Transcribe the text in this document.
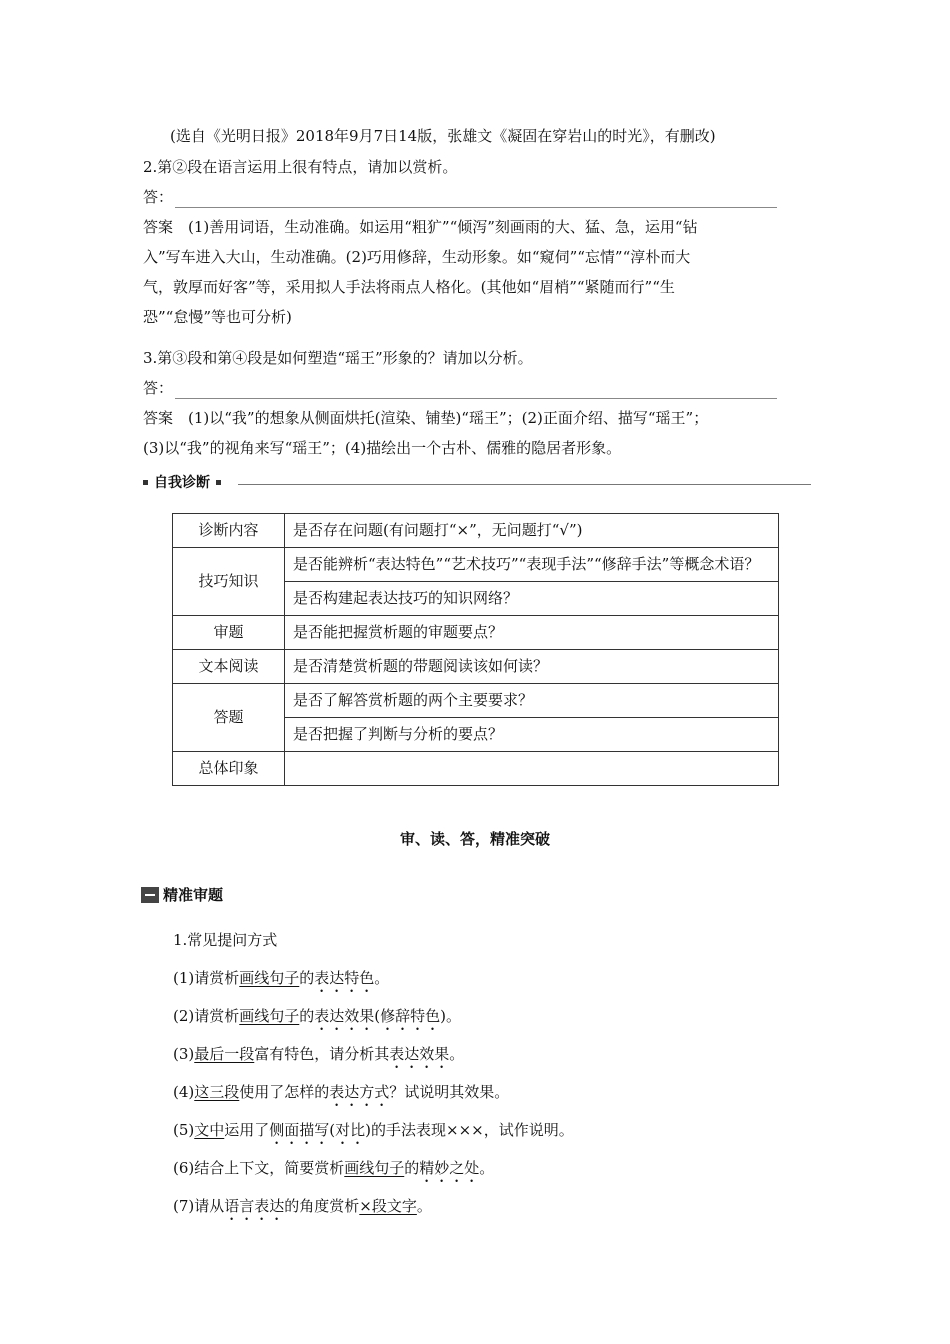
(选自《光明日报》2018年9月7日14版，张雄文《凝固在穿岩山的时光》，有删改)
2.第②段在语言运用上很有特点，请加以赏析。
答：
答案　(1)善用词语，生动准确。如运用“粗犷”“倾泻”刻画雨的大、猛、急，运用“钻
入”写车进入大山，生动准确。(2)巧用修辞，生动形象。如“窥伺”“忘情”“淳朴而大
气，敦厚而好客”等，采用拟人手法将雨点人格化。(其他如“眉梢”“紧随而行”“生
恐”“怠慢”等也可分析)
3.第③段和第④段是如何塑造“瑶王”形象的？请加以分析。
答：
答案　(1)以“我”的想象从侧面烘托(渲染、铺垫)“瑶王”；(2)正面介绍、描写“瑶王”；
(3)以“我”的视角来写“瑶王”；(4)描绘出一个古朴、儒雅的隐居者形象。
自我诊断
诊断内容	是否存在问题(有问题打“×”，无问题打“√”)
技巧知识	是否能辨析“表达特色”“艺术技巧”“表现手法”“修辞手法”等概念术语？
	是否构建起表达技巧的知识网络？
审题	是否能把握赏析题的审题要点？
文本阅读	是否清楚赏析题的带题阅读该如何读？
答题	是否了解答赏析题的两个主要要求？
	是否把握了判断与分析的要点？
总体印象	
审、读、答，精准突破
精准审题
1.常见提问方式
(1)请赏析画线句子的表达特色。
(2)请赏析画线句子的表达效果(修辞特色)。
(3)最后一段富有特色，请分析其表达效果。
(4)这三段使用了怎样的表达方式？试说明其效果。
(5)文中运用了侧面描写(对比)的手法表现×××，试作说明。
(6)结合上下文，简要赏析画线句子的精妙之处。
(7)请从语言表达的角度赏析×段文字。
